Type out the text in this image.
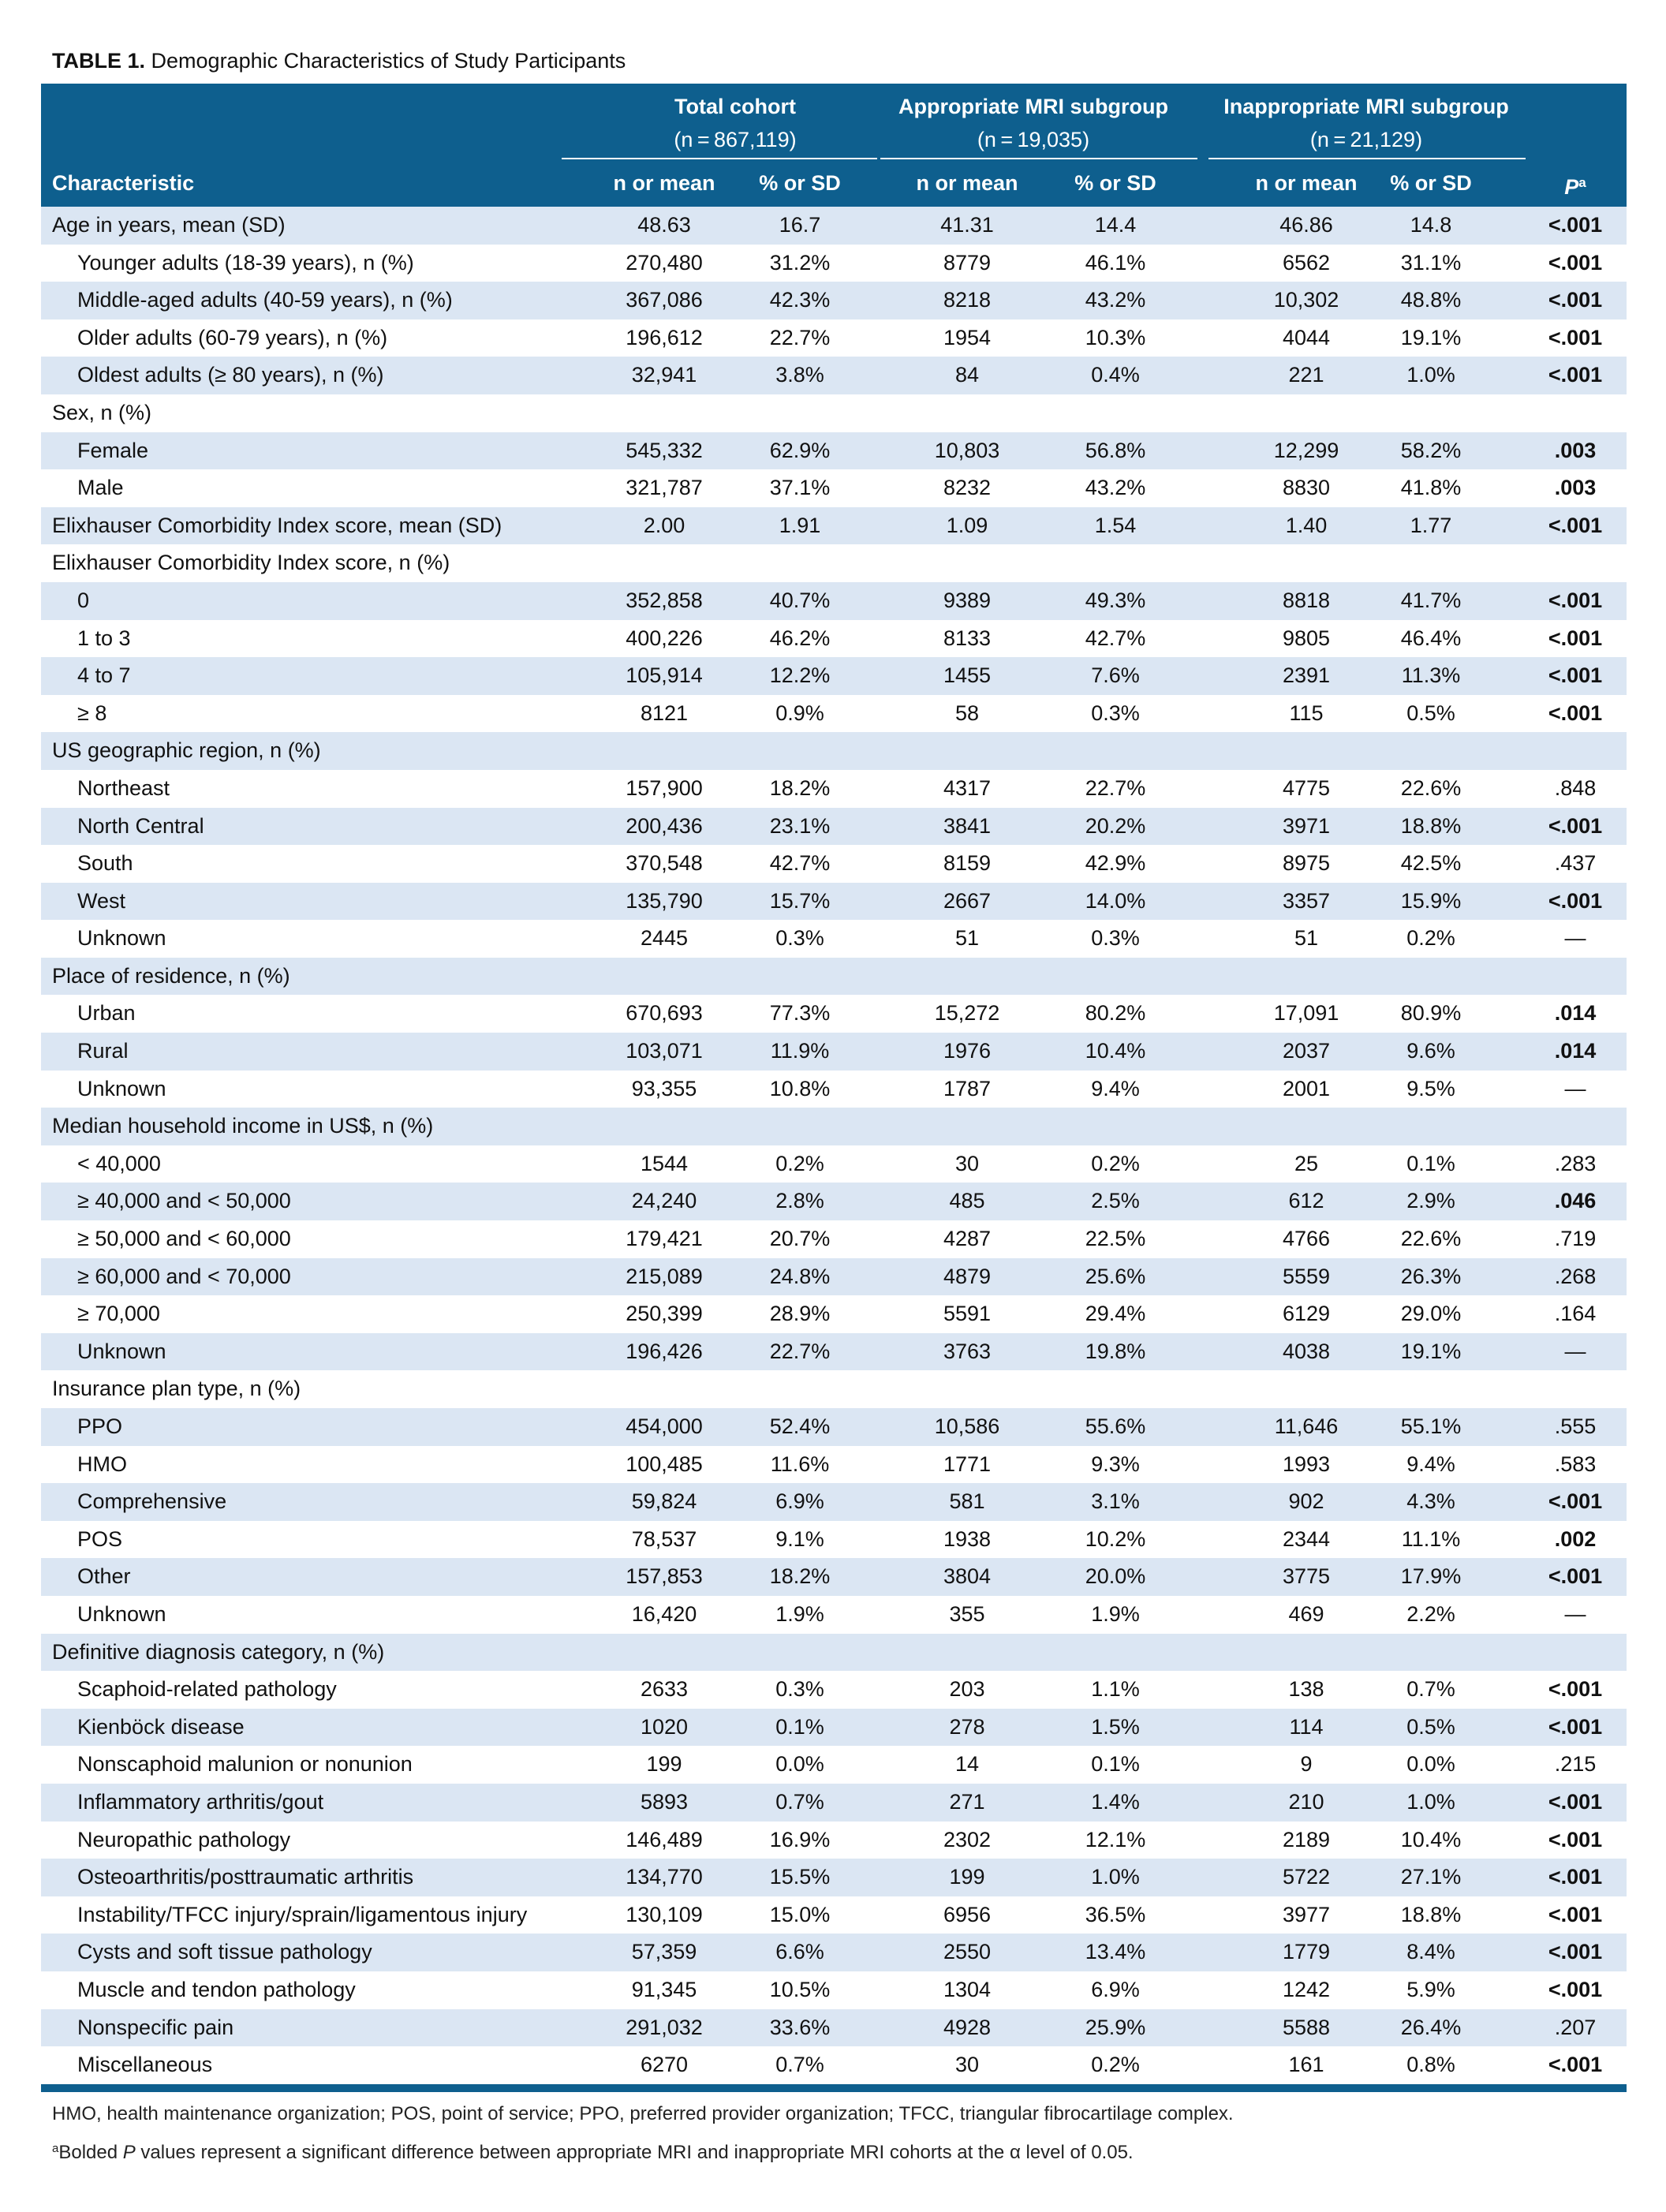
TABLE 1. Demographic Characteristics of Study Participants
Total cohort
(n = 867,119)
Appropriate MRI subgroup
(n = 19,035)
Inappropriate MRI subgroup
(n = 21,129)
Characteristic	n or mean	% or SD	n or mean	% or SD	n or mean	% or SD	$P^a$
Age in years, mean (SD)	48.63	16.7	41.31	14.4	46.86	14.8	<.001
Younger adults (18-39 years), n (%)	270,480	31.2%	8779	46.1%	6562	31.1%	<.001
Middle-aged adults (40-59 years), n (%)	367,086	42.3%	8218	43.2%	10,302	48.8%	<.001
Older adults (60-79 years), n (%)	196,612	22.7%	1954	10.3%	4044	19.1%	<.001
Oldest adults (≥ 80 years), n (%)	32,941	3.8%	84	0.4%	221	1.0%	<.001
Sex, n (%)
Female	545,332	62.9%	10,803	56.8%	12,299	58.2%	.003
Male	321,787	37.1%	8232	43.2%	8830	41.8%	.003
Elixhauser Comorbidity Index score, mean (SD)	2.00	1.91	1.09	1.54	1.40	1.77	<.001
Elixhauser Comorbidity Index score, n (%)
0	352,858	40.7%	9389	49.3%	8818	41.7%	<.001
1 to 3	400,226	46.2%	8133	42.7%	9805	46.4%	<.001
4 to 7	105,914	12.2%	1455	7.6%	2391	11.3%	<.001
≥ 8	8121	0.9%	58	0.3%	115	0.5%	<.001
US geographic region, n (%)
Northeast	157,900	18.2%	4317	22.7%	4775	22.6%	.848
North Central	200,436	23.1%	3841	20.2%	3971	18.8%	<.001
South	370,548	42.7%	8159	42.9%	8975	42.5%	.437
West	135,790	15.7%	2667	14.0%	3357	15.9%	<.001
Unknown	2445	0.3%	51	0.3%	51	0.2%	—
Place of residence, n (%)
Urban	670,693	77.3%	15,272	80.2%	17,091	80.9%	.014
Rural	103,071	11.9%	1976	10.4%	2037	9.6%	.014
Unknown	93,355	10.8%	1787	9.4%	2001	9.5%	—
Median household income in US$, n (%)
< 40,000	1544	0.2%	30	0.2%	25	0.1%	.283
≥ 40,000 and < 50,000	24,240	2.8%	485	2.5%	612	2.9%	.046
≥ 50,000 and < 60,000	179,421	20.7%	4287	22.5%	4766	22.6%	.719
≥ 60,000 and < 70,000	215,089	24.8%	4879	25.6%	5559	26.3%	.268
≥ 70,000	250,399	28.9%	5591	29.4%	6129	29.0%	.164
Unknown	196,426	22.7%	3763	19.8%	4038	19.1%	—
Insurance plan type, n (%)
PPO	454,000	52.4%	10,586	55.6%	11,646	55.1%	.555
HMO	100,485	11.6%	1771	9.3%	1993	9.4%	.583
Comprehensive	59,824	6.9%	581	3.1%	902	4.3%	<.001
POS	78,537	9.1%	1938	10.2%	2344	11.1%	.002
Other	157,853	18.2%	3804	20.0%	3775	17.9%	<.001
Unknown	16,420	1.9%	355	1.9%	469	2.2%	—
Definitive diagnosis category, n (%)
Scaphoid-related pathology	2633	0.3%	203	1.1%	138	0.7%	<.001
Kienböck disease	1020	0.1%	278	1.5%	114	0.5%	<.001
Nonscaphoid malunion or nonunion	199	0.0%	14	0.1%	9	0.0%	.215
Inflammatory arthritis/gout	5893	0.7%	271	1.4%	210	1.0%	<.001
Neuropathic pathology	146,489	16.9%	2302	12.1%	2189	10.4%	<.001
Osteoarthritis/posttraumatic arthritis	134,770	15.5%	199	1.0%	5722	27.1%	<.001
Instability/TFCC injury/sprain/ligamentous injury	130,109	15.0%	6956	36.5%	3977	18.8%	<.001
Cysts and soft tissue pathology	57,359	6.6%	2550	13.4%	1779	8.4%	<.001
Muscle and tendon pathology	91,345	10.5%	1304	6.9%	1242	5.9%	<.001
Nonspecific pain	291,032	33.6%	4928	25.9%	5588	26.4%	.207
Miscellaneous	6270	0.7%	30	0.2%	161	0.8%	<.001
HMO, health maintenance organization; POS, point of service; PPO, preferred provider organization; TFCC, triangular fibrocartilage complex.
$^a$Bolded P values represent a significant difference between appropriate MRI and inappropriate MRI cohorts at the α level of 0.05.
